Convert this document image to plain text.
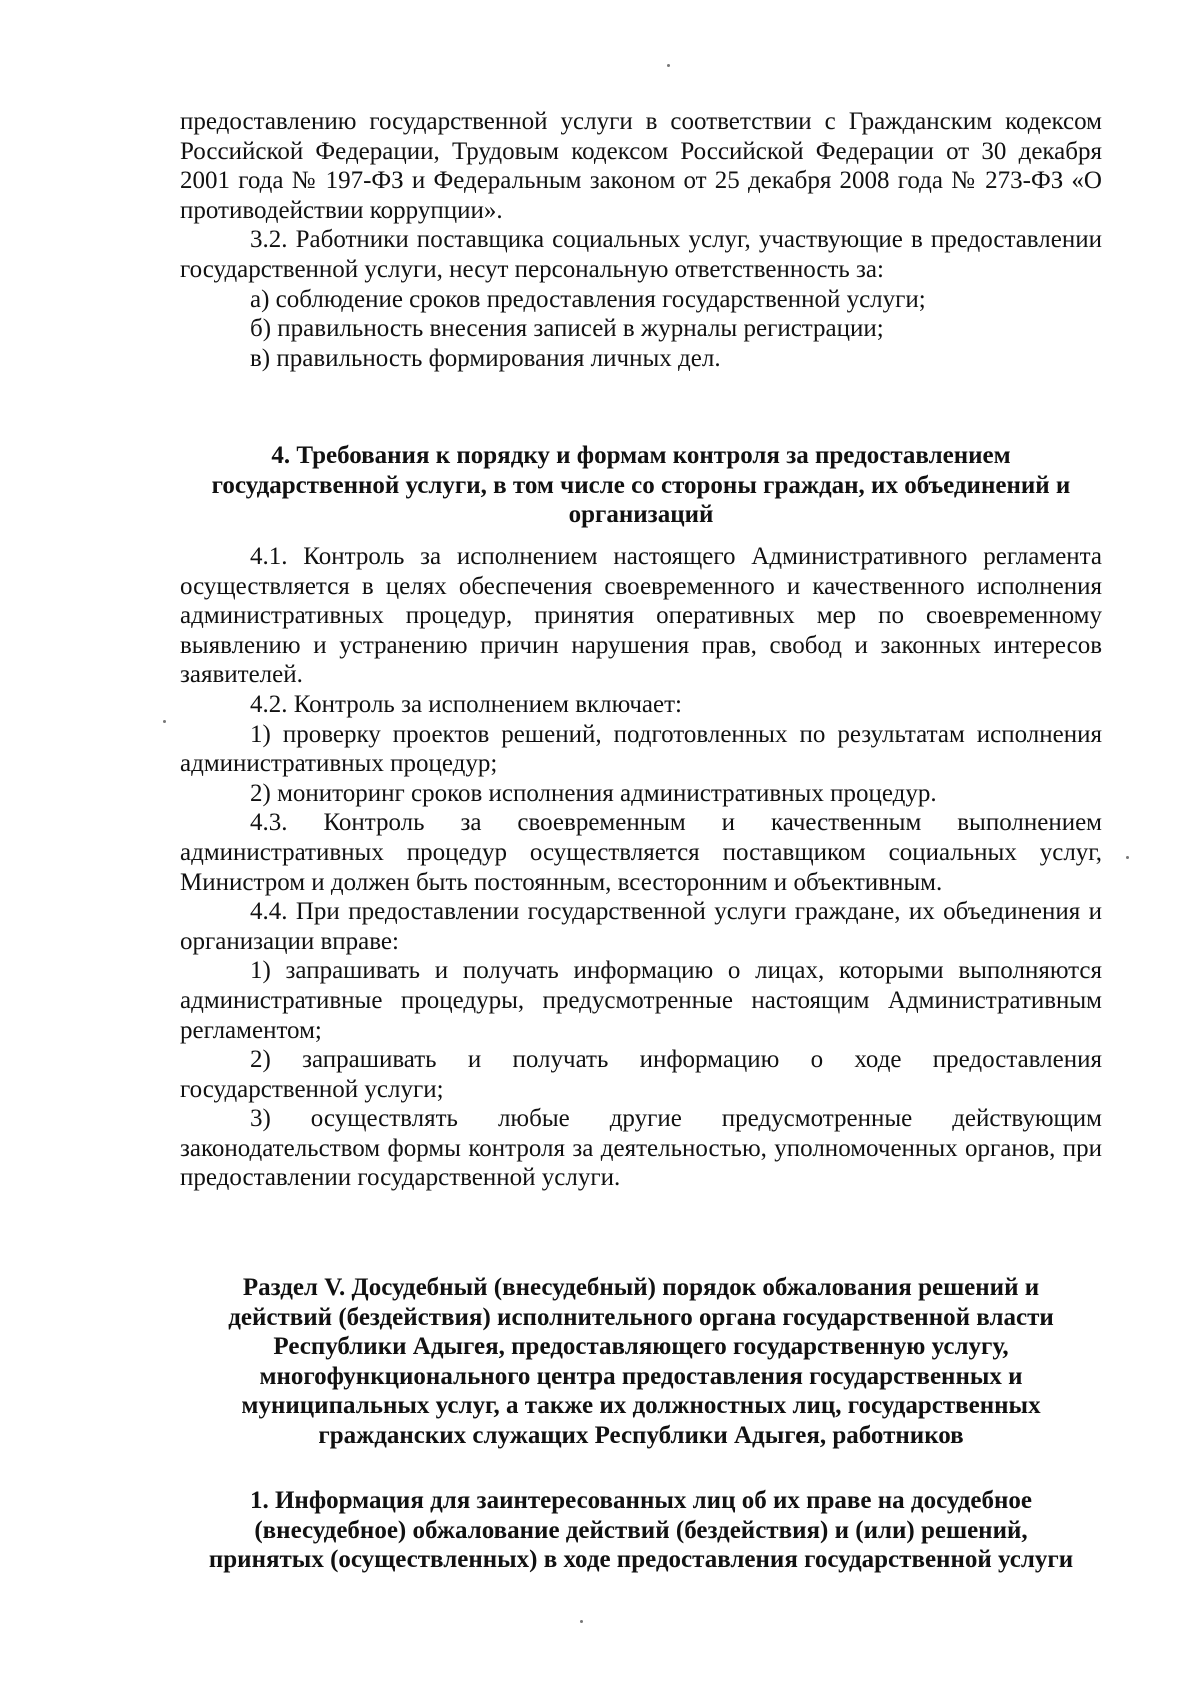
предоставлению государственной услуги в соответствии с Гражданским кодексом Российской Федерации, Трудовым кодексом Российской Федерации от 30 декабря 2001 года № 197-ФЗ и Федеральным законом от 25 декабря 2008 года № 273-ФЗ «О противодействии коррупции».

3.2. Работники поставщика социальных услуг, участвующие в предоставлении государственной услуги, несут персональную ответственность за:

а) соблюдение сроков предоставления государственной услуги;

б) правильность внесения записей в журналы регистрации;

в) правильность формирования личных дел.

4. Требования к порядку и формам контроля за предоставлением

государственной услуги, в том числе со стороны граждан, их объединений и

организаций

4.1. Контроль за исполнением настоящего Административного регламента осуществляется в целях обеспечения своевременного и качественного исполнения административных процедур, принятия оперативных мер по своевременному выявлению и устранению причин нарушения прав, свобод и законных интересов заявителей.

4.2. Контроль за исполнением включает:

1) проверку проектов решений, подготовленных по результатам исполнения административных процедур;

2) мониторинг сроков исполнения административных процедур.

4.3. Контроль за своевременным и качественным выполнением административных процедур осуществляется поставщиком социальных услуг, Министром и должен быть постоянным, всесторонним и объективным.

4.4. При предоставлении государственной услуги граждане, их объединения и организации вправе:

1) запрашивать и получать информацию о лицах, которыми выполняются административные процедуры, предусмотренные настоящим Административным регламентом;

2) запрашивать и получать информацию о ходе предоставления государственной услуги;

3) осуществлять любые другие предусмотренные действующим законодательством формы контроля за деятельностью, уполномоченных органов, при предоставлении государственной услуги.

Раздел V. Досудебный (внесудебный) порядок обжалования решений и

действий (бездействия) исполнительного органа государственной власти

Республики Адыгея, предоставляющего государственную услугу,

многофункционального центра предоставления государственных и

муниципальных услуг, а также их должностных лиц, государственных

гражданских служащих Республики Адыгея, работников

1. Информация для заинтересованных лиц об их праве на досудебное

(внесудебное) обжалование действий (бездействия) и (или) решений,

принятых (осуществленных) в ходе предоставления государственной услуги
